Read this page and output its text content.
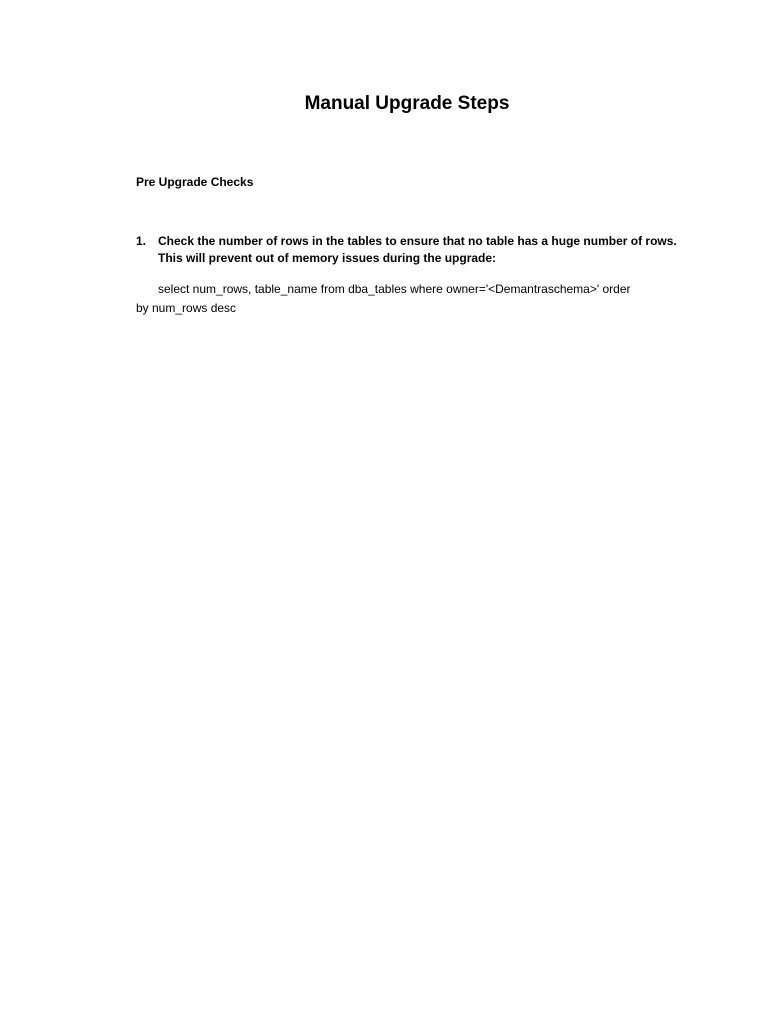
Manual Upgrade Steps
Pre Upgrade Checks
1. Check the number of rows in the tables to ensure that no table has a huge number of rows.
This will prevent out of memory issues during the upgrade:
select num_rows, table_name from dba_tables where owner='<Demantraschema>' order
by num_rows desc
